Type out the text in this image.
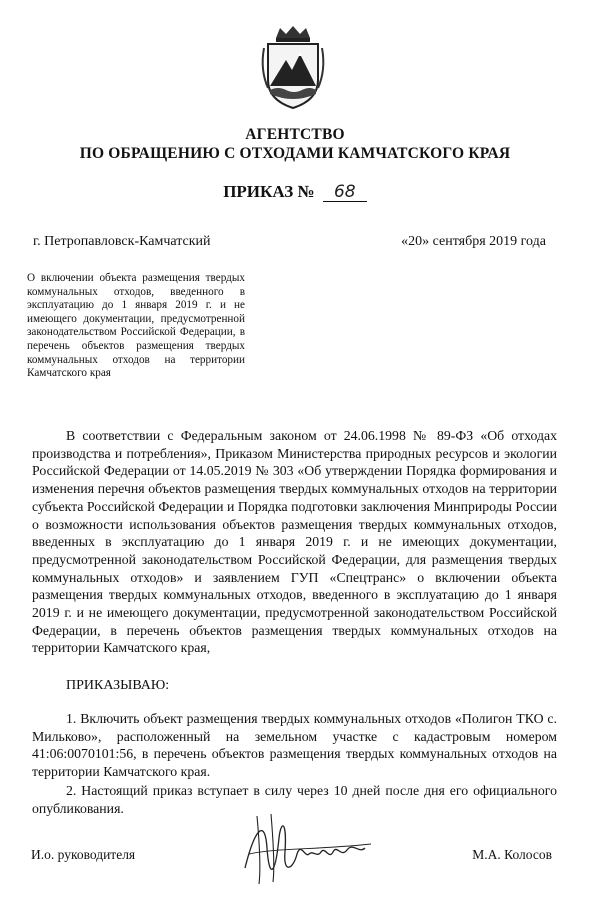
АГЕНТСТВО
ПО ОБРАЩЕНИЮ С ОТХОДАМИ КАМЧАТСКОГО КРАЯ
ПРИКАЗ № 68
г. Петропавловск-Камчатский	«20» сентября 2019 года
О включении объекта размещения твердых коммунальных отходов, введенного в эксплуатацию до 1 января 2019 г. и не имеющего документации, предусмотренной законодательством Российской Федерации, в перечень объектов размещения твердых коммунальных отходов на территории Камчатского края
В соответствии с Федеральным законом от 24.06.1998 № 89-ФЗ «Об отходах производства и потребления», Приказом Министерства природных ресурсов и экологии Российской Федерации от 14.05.2019 № 303 «Об утверждении Порядка формирования и изменения перечня объектов размещения твердых коммунальных отходов на территории субъекта Российской Федерации и Порядка подготовки заключения Минприроды России о возможности использования объектов размещения твердых коммунальных отходов, введенных в эксплуатацию до 1 января 2019 г. и не имеющих документации, предусмотренной законодательством Российской Федерации, для размещения твердых коммунальных отходов» и заявлением ГУП «Спецтранс» о включении объекта размещения твердых коммунальных отходов, введенного в эксплуатацию до 1 января 2019 г. и не имеющего документации, предусмотренной законодательством Российской Федерации, в перечень объектов размещения твердых коммунальных отходов на территории Камчатского края,
ПРИКАЗЫВАЮ:
1. Включить объект размещения твердых коммунальных отходов «Полигон ТКО с. Мильково», расположенный на земельном участке с кадастровым номером 41:06:0070101:56, в перечень объектов размещения твердых коммунальных отходов на территории Камчатского края.
2. Настоящий приказ вступает в силу через 10 дней после дня его официального опубликования.
И.о. руководителя	М.А. Колосов
